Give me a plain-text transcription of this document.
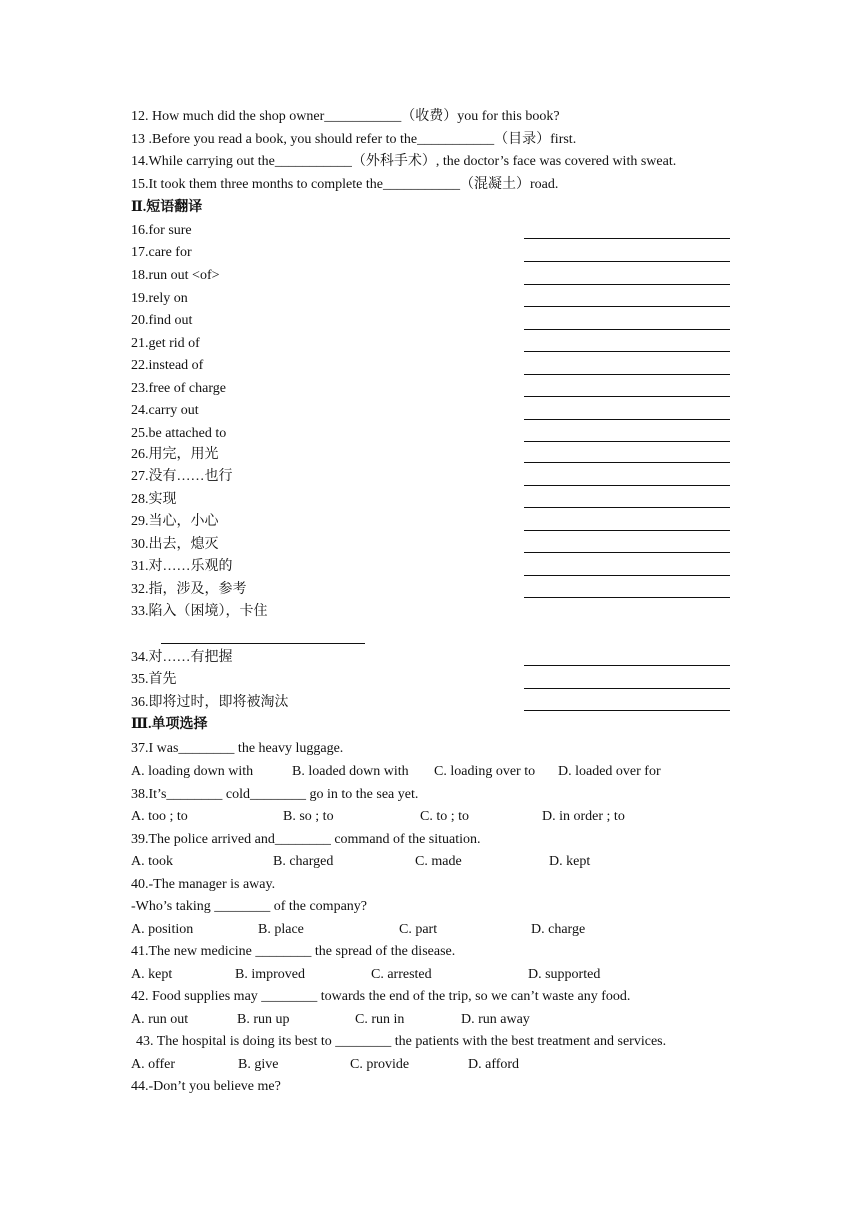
12. How much did the shop owner___________（收费）you for this book?
13 .Before you read a book, you should refer to the___________（目录）first.
14.While carrying out the___________（外科手术）, the doctor’s face was covered with sweat.
15.It took them three months to complete the___________（混凝土）road.
Ⅱ.短语翻译
16.for sure
17.care for
18.run out <of>
19.rely on
20.find out
21.get rid of
22.instead of
23.free of charge
24.carry out
25.be attached to
26.用完，用光
27.没有……也行
28.实现
29.当心，小心
30.出去，熄灭
31.对……乐观的
32.指，涉及，参考
33.陷入（困境），卡住
34.对……有把握
35.首先
36.即将过时，即将被淘汰
Ⅲ.单项选择
37.I was________ the heavy luggage.
A. loading down with	B. loaded down with C. loading over to D. loaded over for
38.It’s________ cold________ go in to the sea yet.
A. too ; to	B. so ; to	C. to ; to	D. in order ; to
39.The police arrived and________ command of the situation.
A. took	B. charged	C. made	D. kept
40.-The manager is away.
-Who’s taking ________ of the company?
A. position	B. place	C. part	D. charge
41.The new medicine ________ the spread of the disease.
A. kept	B. improved	C. arrested	D. supported
42. Food supplies may ________ towards the end of the trip, so we can’t waste any food.
A. run out	B. run up	C. run in	D. run away
43. The hospital is doing its best to ________ the patients with the best treatment and services.
A. offer	B. give	C. provide	D. afford
44.-Don’t you believe me?
